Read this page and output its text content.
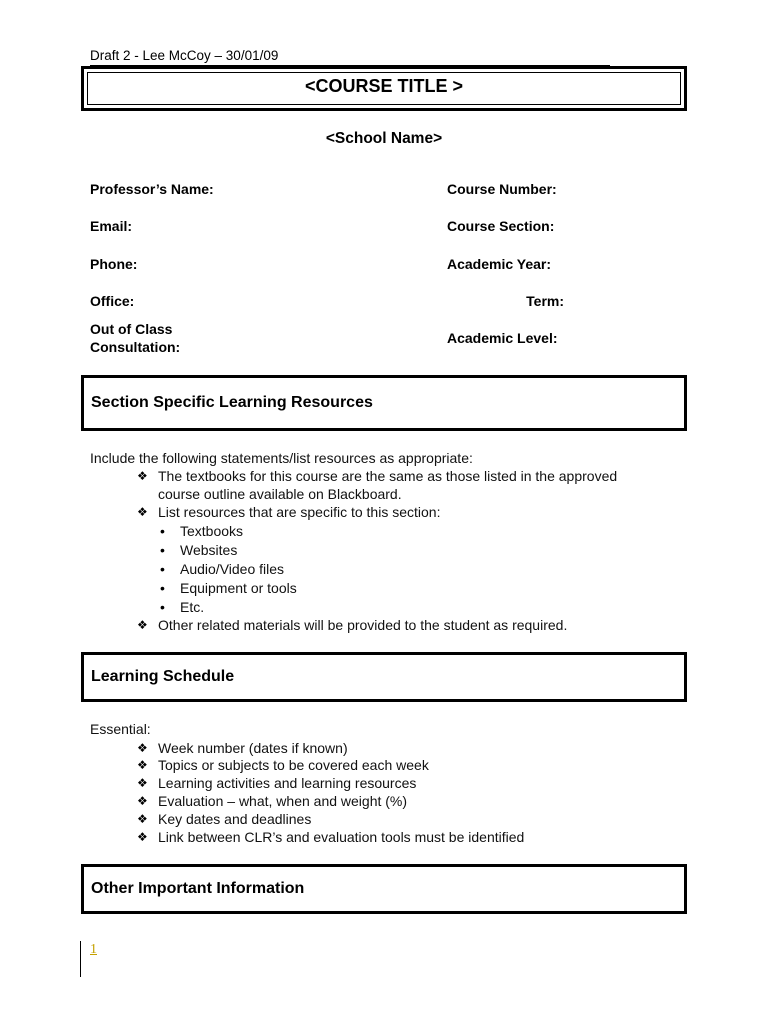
Draft 2 - Lee McCoy – 30/01/09
<COURSE TITLE >
<School Name>
Professor’s Name:
Email:
Phone:
Office:
Out of Class
Consultation:
Course Number:
Course Section:
Academic Year:
Term:
Academic Level:
Section Specific Learning Resources
Include the following statements/list resources as appropriate:
❖ The textbooks for this course are the same as those listed in the approved
course outline available on Blackboard.
❖ List resources that are specific to this section:
• Textbooks
• Websites
• Audio/Video files
• Equipment or tools
• Etc.
❖ Other related materials will be provided to the student as required.
Learning Schedule
Essential:
❖ Week number (dates if known)
❖ Topics or subjects to be covered each week
❖ Learning activities and learning resources
❖ Evaluation – what, when and weight (%)
❖ Key dates and deadlines
❖ Link between CLR’s and evaluation tools must be identified
Other Important Information
1
